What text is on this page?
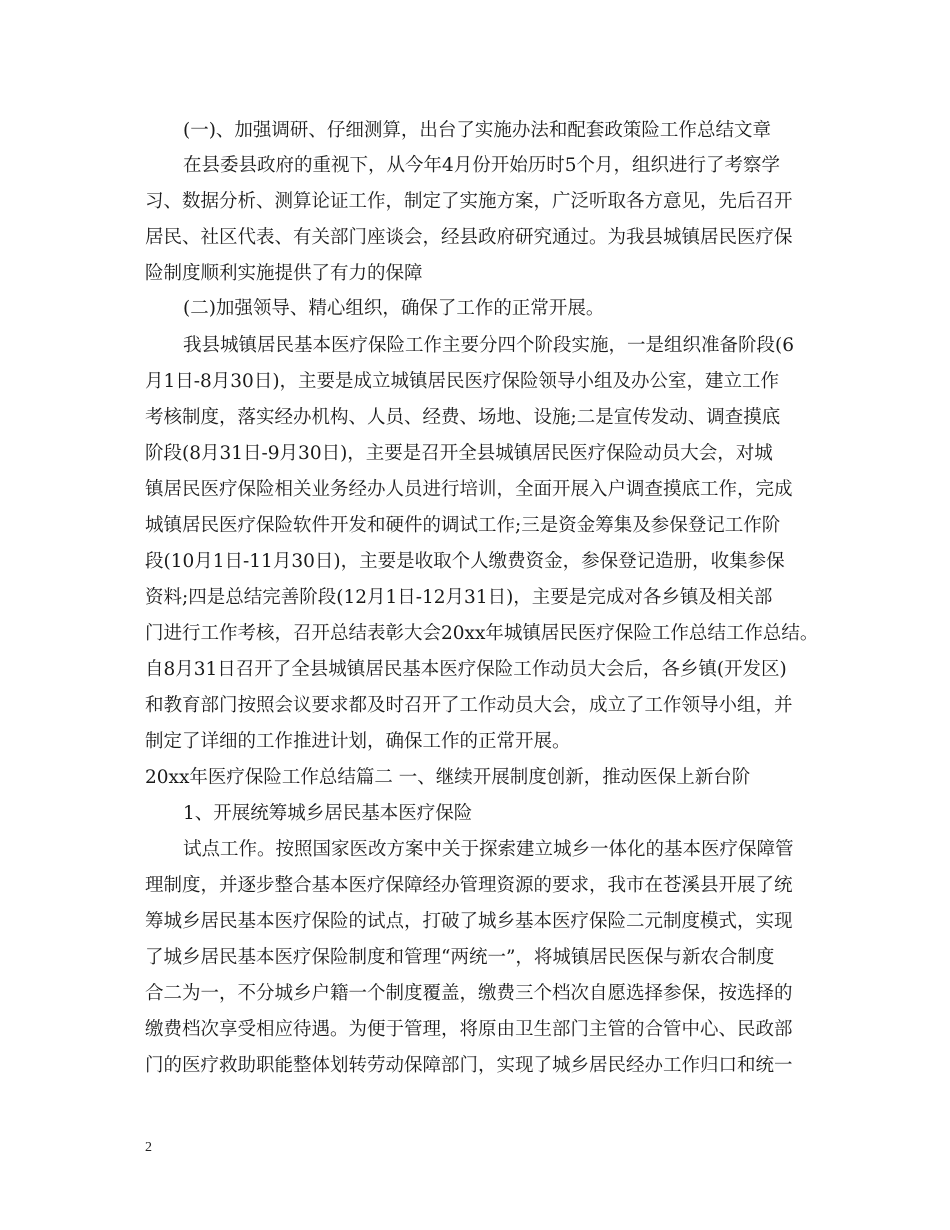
(一)、加强调研、仔细测算，出台了实施办法和配套政策险工作总结文章

在县委县政府的重视下，从今年4月份开始历时5个月，组织进行了考察学

习、数据分析、测算论证工作，制定了实施方案，广泛听取各方意见，先后召开

居民、社区代表、有关部门座谈会，经县政府研究通过。为我县城镇居民医疗保

险制度顺利实施提供了有力的保障

(二)加强领导、精心组织，确保了工作的正常开展。

我县城镇居民基本医疗保险工作主要分四个阶段实施，一是组织准备阶段(6

月1日-8月30日)，主要是成立城镇居民医疗保险领导小组及办公室，建立工作

考核制度，落实经办机构、人员、经费、场地、设施;二是宣传发动、调查摸底

阶段(8月31日-9月30日)，主要是召开全县城镇居民医疗保险动员大会，对城

镇居民医疗保险相关业务经办人员进行培训，全面开展入户调查摸底工作，完成

城镇居民医疗保险软件开发和硬件的调试工作;三是资金筹集及参保登记工作阶

段(10月1日-11月30日)，主要是收取个人缴费资金，参保登记造册，收集参保

资料;四是总结完善阶段(12月1日-12月31日)，主要是完成对各乡镇及相关部

门进行工作考核，召开总结表彰大会20xx年城镇居民医疗保险工作总结工作总结。

自8月31日召开了全县城镇居民基本医疗保险工作动员大会后，各乡镇(开发区)

和教育部门按照会议要求都及时召开了工作动员大会，成立了工作领导小组，并

制定了详细的工作推进计划，确保工作的正常开展。

20xx年医疗保险工作总结篇二 一、继续开展制度创新，推动医保上新台阶

1、开展统筹城乡居民基本医疗保险

试点工作。按照国家医改方案中关于探索建立城乡一体化的基本医疗保障管

理制度，并逐步整合基本医疗保障经办管理资源的要求，我市在苍溪县开展了统

筹城乡居民基本医疗保险的试点，打破了城乡基本医疗保险二元制度模式，实现

了城乡居民基本医疗保险制度和管理“两统一”，将城镇居民医保与新农合制度

合二为一，不分城乡户籍一个制度覆盖，缴费三个档次自愿选择参保，按选择的

缴费档次享受相应待遇。为便于管理，将原由卫生部门主管的合管中心、民政部

门的医疗救助职能整体划转劳动保障部门，实现了城乡居民经办工作归口和统一

2
